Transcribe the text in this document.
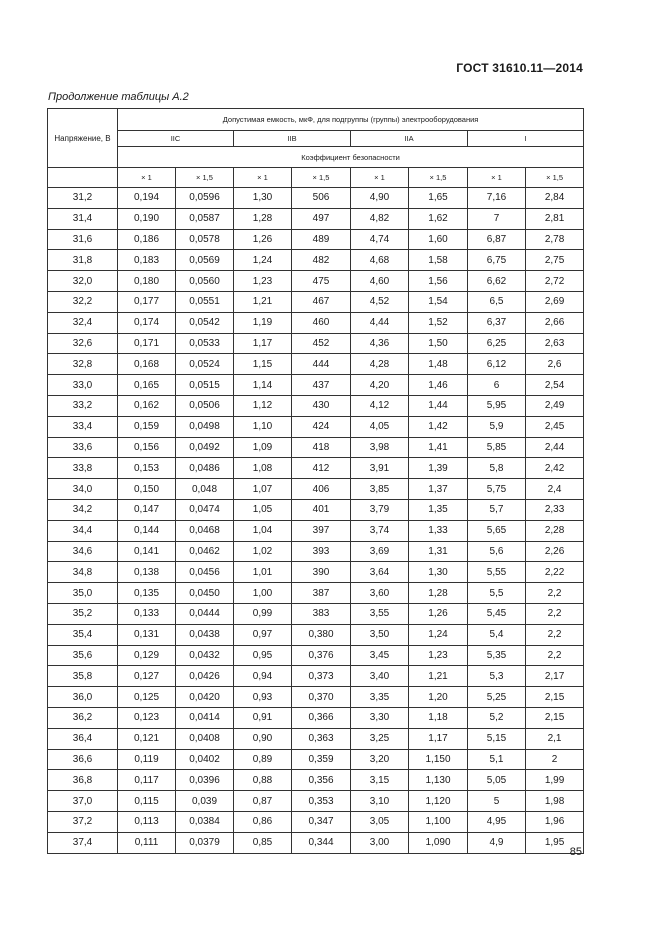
ГОСТ 31610.11—2014
Продолжение таблицы А.2
Напряжение, В	Допустимая емкость, мкФ, для подгруппы (группы) электрооборудования							
	IIC		IIB		IIA		I	
	Коэффициент безопасности							
	× 1	× 1,5	× 1	× 1,5	× 1	× 1,5	× 1	× 1,5
31,2	0,194	0,0596	1,30	506	4,90	1,65	7,16	2,84
31,4	0,190	0,0587	1,28	497	4,82	1,62	7	2,81
31,6	0,186	0,0578	1,26	489	4,74	1,60	6,87	2,78
31,8	0,183	0,0569	1,24	482	4,68	1,58	6,75	2,75
32,0	0,180	0,0560	1,23	475	4,60	1,56	6,62	2,72
32,2	0,177	0,0551	1,21	467	4,52	1,54	6,5	2,69
32,4	0,174	0,0542	1,19	460	4,44	1,52	6,37	2,66
32,6	0,171	0,0533	1,17	452	4,36	1,50	6,25	2,63
32,8	0,168	0,0524	1,15	444	4,28	1,48	6,12	2,6
33,0	0,165	0,0515	1,14	437	4,20	1,46	6	2,54
33,2	0,162	0,0506	1,12	430	4,12	1,44	5,95	2,49
33,4	0,159	0,0498	1,10	424	4,05	1,42	5,9	2,45
33,6	0,156	0,0492	1,09	418	3,98	1,41	5,85	2,44
33,8	0,153	0,0486	1,08	412	3,91	1,39	5,8	2,42
34,0	0,150	0,048	1,07	406	3,85	1,37	5,75	2,4
34,2	0,147	0,0474	1,05	401	3,79	1,35	5,7	2,33
34,4	0,144	0,0468	1,04	397	3,74	1,33	5,65	2,28
34,6	0,141	0,0462	1,02	393	3,69	1,31	5,6	2,26
34,8	0,138	0,0456	1,01	390	3,64	1,30	5,55	2,22
35,0	0,135	0,0450	1,00	387	3,60	1,28	5,5	2,2
35,2	0,133	0,0444	0,99	383	3,55	1,26	5,45	2,2
35,4	0,131	0,0438	0,97	0,380	3,50	1,24	5,4	2,2
35,6	0,129	0,0432	0,95	0,376	3,45	1,23	5,35	2,2
35,8	0,127	0,0426	0,94	0,373	3,40	1,21	5,3	2,17
36,0	0,125	0,0420	0,93	0,370	3,35	1,20	5,25	2,15
36,2	0,123	0,0414	0,91	0,366	3,30	1,18	5,2	2,15
36,4	0,121	0,0408	0,90	0,363	3,25	1,17	5,15	2,1
36,6	0,119	0,0402	0,89	0,359	3,20	1,150	5,1	2
36,8	0,117	0,0396	0,88	0,356	3,15	1,130	5,05	1,99
37,0	0,115	0,039	0,87	0,353	3,10	1,120	5	1,98
37,2	0,113	0,0384	0,86	0,347	3,05	1,100	4,95	1,96
37,4	0,111	0,0379	0,85	0,344	3,00	1,090	4,9	1,95
85
